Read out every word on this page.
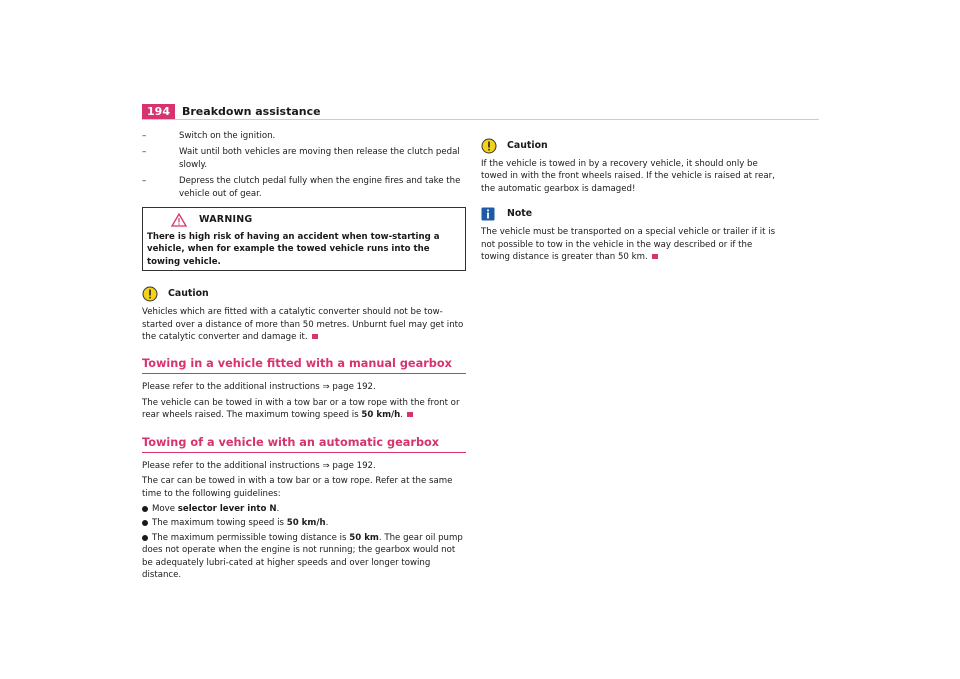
194	Breakdown assistance
–	Switch on the ignition.
–	Wait until both vehicles are moving then release the clutch pedal slowly.
–	Depress the clutch pedal fully when the engine fires and take the vehicle out of gear.
WARNING
There is high risk of having an accident when tow-starting a vehicle, when for example the towed vehicle runs into the towing vehicle.
Caution
Vehicles which are fitted with a catalytic converter should not be tow-started over a distance of more than 50 metres. Unburnt fuel may get into the catalytic converter and damage it.
Towing in a vehicle fitted with a manual gearbox
Please refer to the additional instructions ⇒ page 192.
The vehicle can be towed in with a tow bar or a tow rope with the front or rear wheels raised. The maximum towing speed is 50 km/h.
Towing of a vehicle with an automatic gearbox
Please refer to the additional instructions ⇒ page 192.
The car can be towed in with a tow bar or a tow rope. Refer at the same time to the following guidelines:
Move selector lever into N.
The maximum towing speed is 50 km/h.
The maximum permissible towing distance is 50 km. The gear oil pump does not operate when the engine is not running; the gearbox would not be adequately lubri-cated at higher speeds and over longer towing distance.
Caution
If the vehicle is towed in by a recovery vehicle, it should only be towed in with the front wheels raised. If the vehicle is raised at rear, the automatic gearbox is damaged!
Note
The vehicle must be transported on a special vehicle or trailer if it is not possible to tow in the vehicle in the way described or if the towing distance is greater than 50 km.
